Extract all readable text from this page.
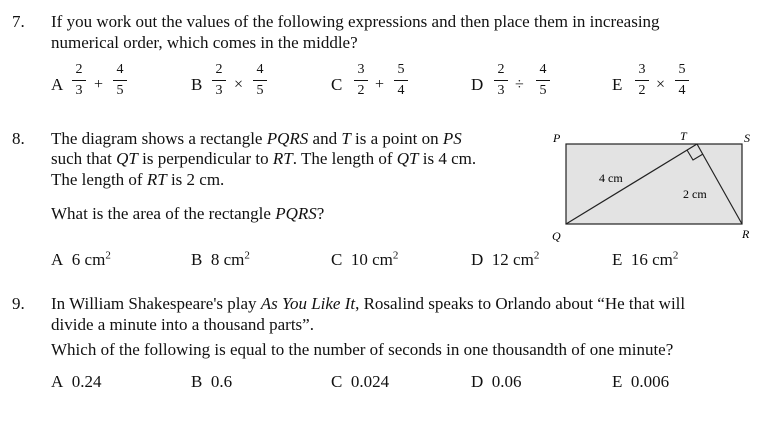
7. If you work out the values of the following expressions and then place them in increasing
numerical order, which comes in the middle?
A
2
3 +
4
5	B
2
3 ×
4
5	C
3
2 +
5
4	D
2
3 ÷
4
5	E
3
2 ×
5
4
8. The diagram shows a rectangle PQRS and T is a point on PS
such that QT is perpendicular to RT. The length of QT is 4 cm.
The length of RT is 2 cm.
What is the area of the rectangle PQRS?
P	T	S
Q	R
4 cm
2 cm
A 6 $cm^2$	B 8 $cm^2$	C 10 $cm^2$	D 12 $cm^2$	E 16 $cm^2$
9. In William Shakespeare's play As You Like It, Rosalind speaks to Orlando about “He that will
divide a minute into a thousand parts”.
Which of the following is equal to the number of seconds in one thousandth of one minute?
A 0.24	B 0.6	C 0.024	D 0.06	E 0.006
